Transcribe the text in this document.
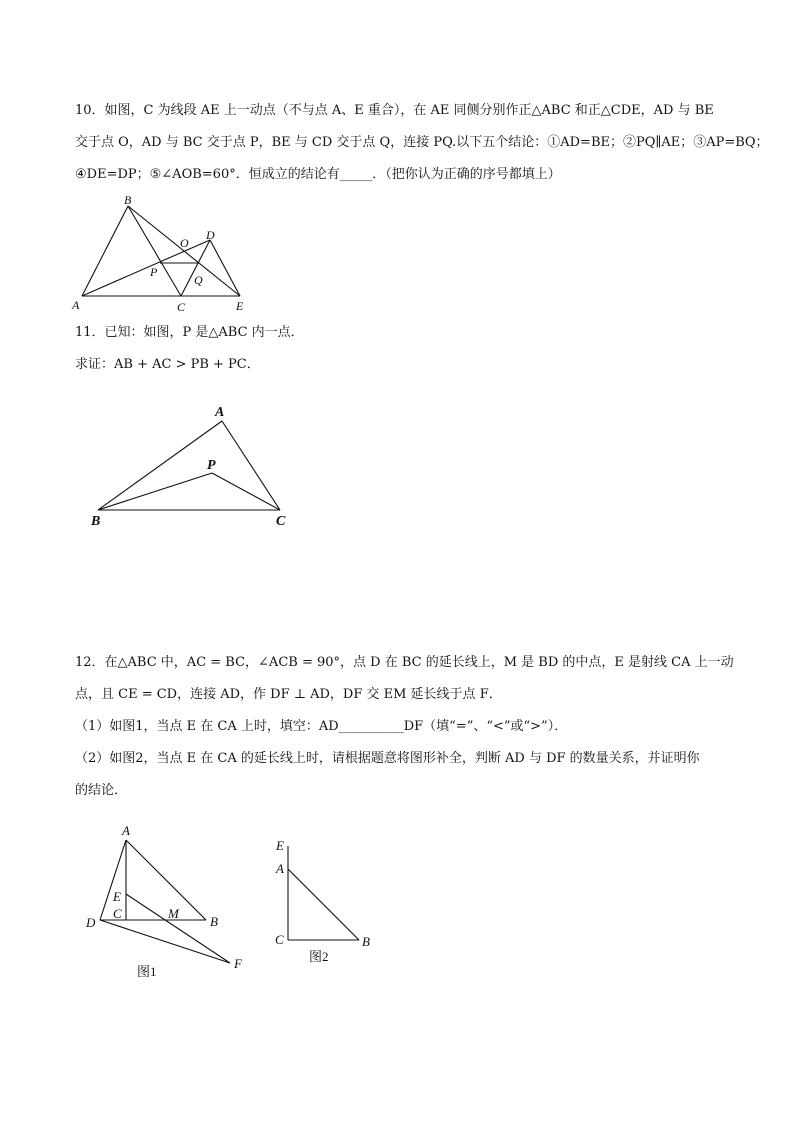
10．如图，C 为线段 AE 上一动点（不与点 A、E 重合），在 AE 同侧分别作正△ABC 和正△CDE，AD 与 BE
交于点 O，AD 与 BC 交于点 P，BE 与 CD 交于点 Q，连接 PQ.以下五个结论：①AD=BE；②PQ∥AE；③AP=BQ；
④DE=DP；⑤∠AOB=60°．恒成立的结论有_____．（把你认为正确的序号都填上）
A
B
C
D
E
O
P
Q
11．已知：如图，P 是△ABC 内一点．
求证：AB + AC > PB + PC．
A
P
B	C
12．在△ABC 中，AC = BC，∠ACB = 90°，点 D 在 BC 的延长线上，M 是 BD 的中点，E 是射线 CA 上一动
点，且 CE = CD，连接 AD，作 DF ⊥ AD，DF 交 EM 延长线于点 F．
（1）如图1，当点 E 在 CA 上时，填空：AD__________DF（填“=”、“<”或“>”）．
（2）如图2，当点 E 在 CA 的延长线上时，请根据题意将图形补全，判断 AD 与 DF 的数量关系，并证明你
的结论．
A
E
C	M
B
D
F
图1
E
A
C	B
图2
